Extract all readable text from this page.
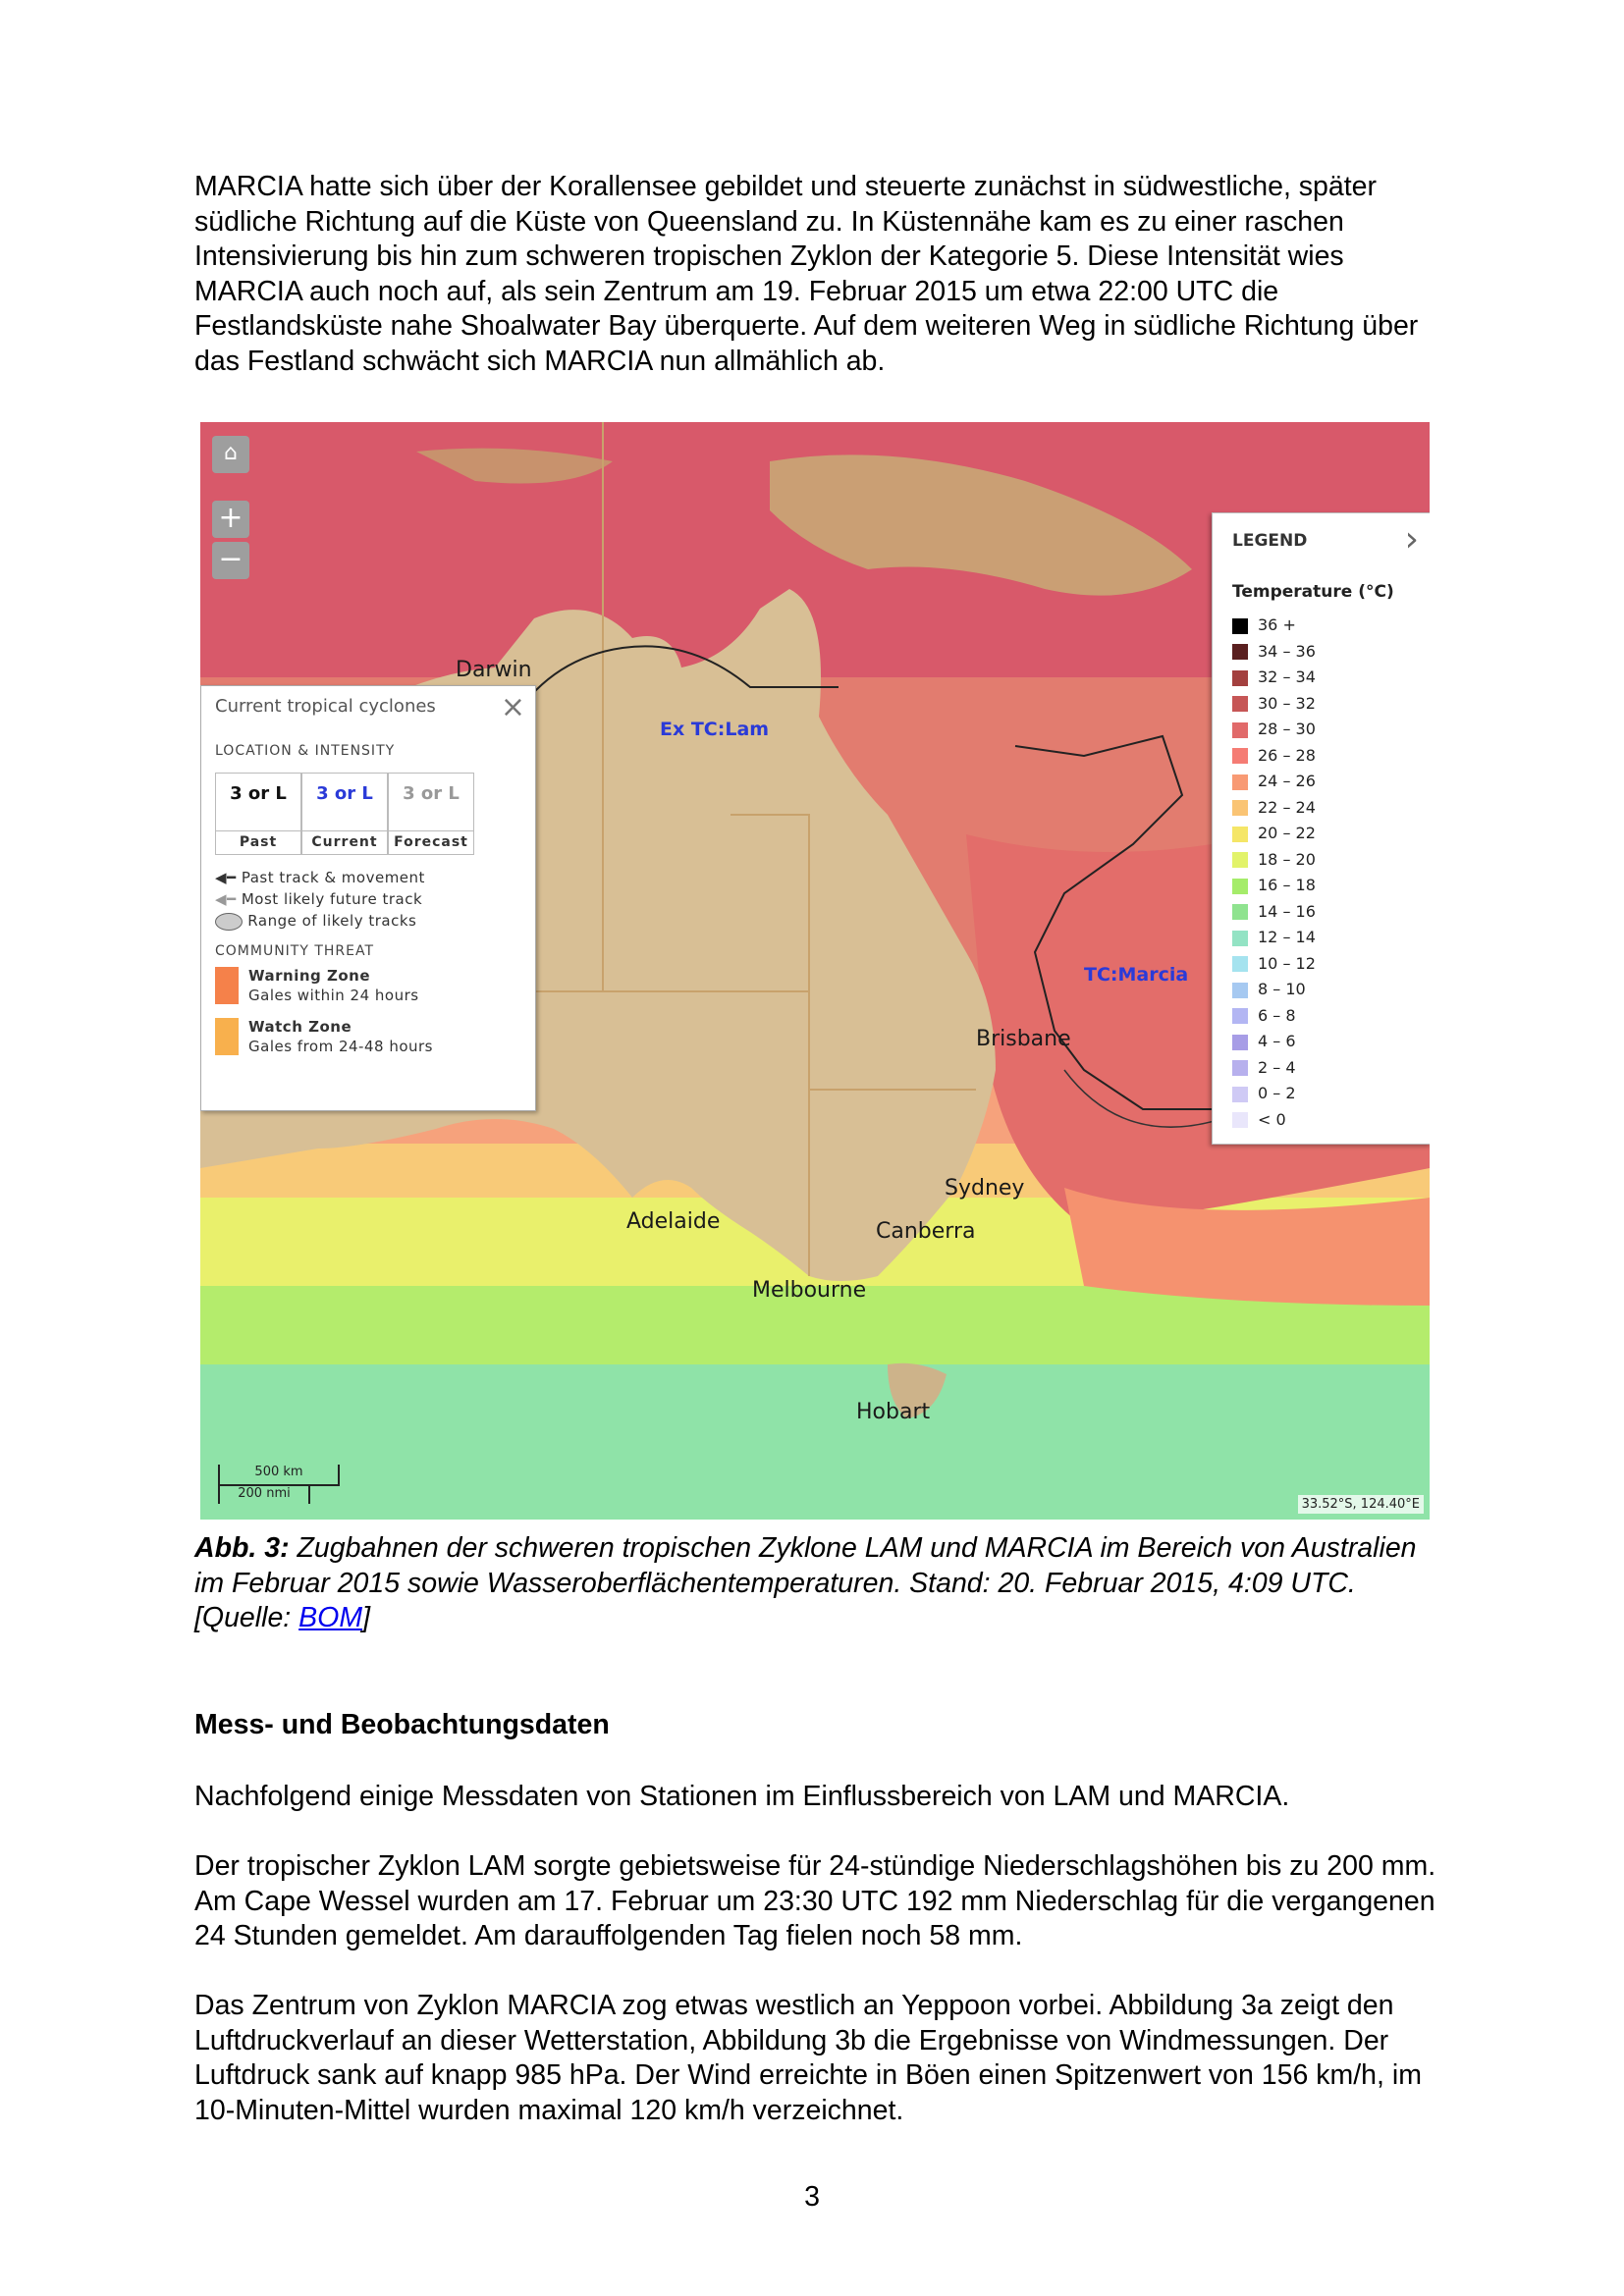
MARCIA hatte sich über der Korallensee gebildet und steuerte zunächst in südwestliche, später südliche Richtung auf die Küste von Queensland zu. In Küstennähe kam es zu einer raschen Intensivierung bis hin zum schweren tropischen Zyklon der Kategorie 5. Diese Intensität wies MARCIA auch noch auf, als sein Zentrum am 19. Februar 2015 um etwa 22:00 UTC die Festlandsküste nahe Shoalwater Bay überquerte. Auf dem weiteren Weg in südliche Richtung über das Festland schwächt sich MARCIA nun allmählich ab.

⌂
+
−
Darwin
Brisbane
Sydney
Canberra
Adelaide
Melbourne
Hobart
Ex TC:Lam
TC:Marcia
Current tropical cyclones ×
LOCATION & INTENSITY
3 or L
Past
3 or L
Current
3 or L
Forecast
◀━ Past track & movement
◀━ Most likely future track
Range of likely tracks
COMMUNITY THREAT
Warning Zone
Gales within 24 hours
Watch Zone
Gales from 24-48 hours
LEGEND	›
Temperature (°C)
36 +
34 – 36
32 – 34
30 – 32
28 – 30
26 – 28
24 – 26
22 – 24
20 – 22
18 – 20
16 – 18
14 – 16
12 – 14
10 – 12
8 – 10
6 – 8
4 – 6
2 – 4
0 – 2
< 0
500 km
200 nmi
33.52°S, 124.40°E

Abb. 3: Zugbahnen der schweren tropischen Zyklone LAM und MARCIA im Bereich von Australien im Februar 2015 sowie Wasseroberflächentemperaturen. Stand: 20. Februar 2015, 4:09 UTC. [Quelle: BOM]

Mess- und Beobachtungsdaten

Nachfolgend einige Messdaten von Stationen im Einflussbereich von LAM und MARCIA.

Der tropischer Zyklon LAM sorgte gebietsweise für 24-stündige Niederschlagshöhen bis zu 200 mm. Am Cape Wessel wurden am 17. Februar um 23:30 UTC 192 mm Niederschlag für die vergangenen 24 Stunden gemeldet. Am darauffolgenden Tag fielen noch 58 mm.

Das Zentrum von Zyklon MARCIA zog etwas westlich an Yeppoon vorbei. Abbildung 3a zeigt den Luftdruckverlauf an dieser Wetterstation, Abbildung 3b die Ergebnisse von Windmessungen. Der Luftdruck sank auf knapp 985 hPa. Der Wind erreichte in Böen einen Spitzenwert von 156 km/h, im 10-Minuten-Mittel wurden maximal 120 km/h verzeichnet.

3
